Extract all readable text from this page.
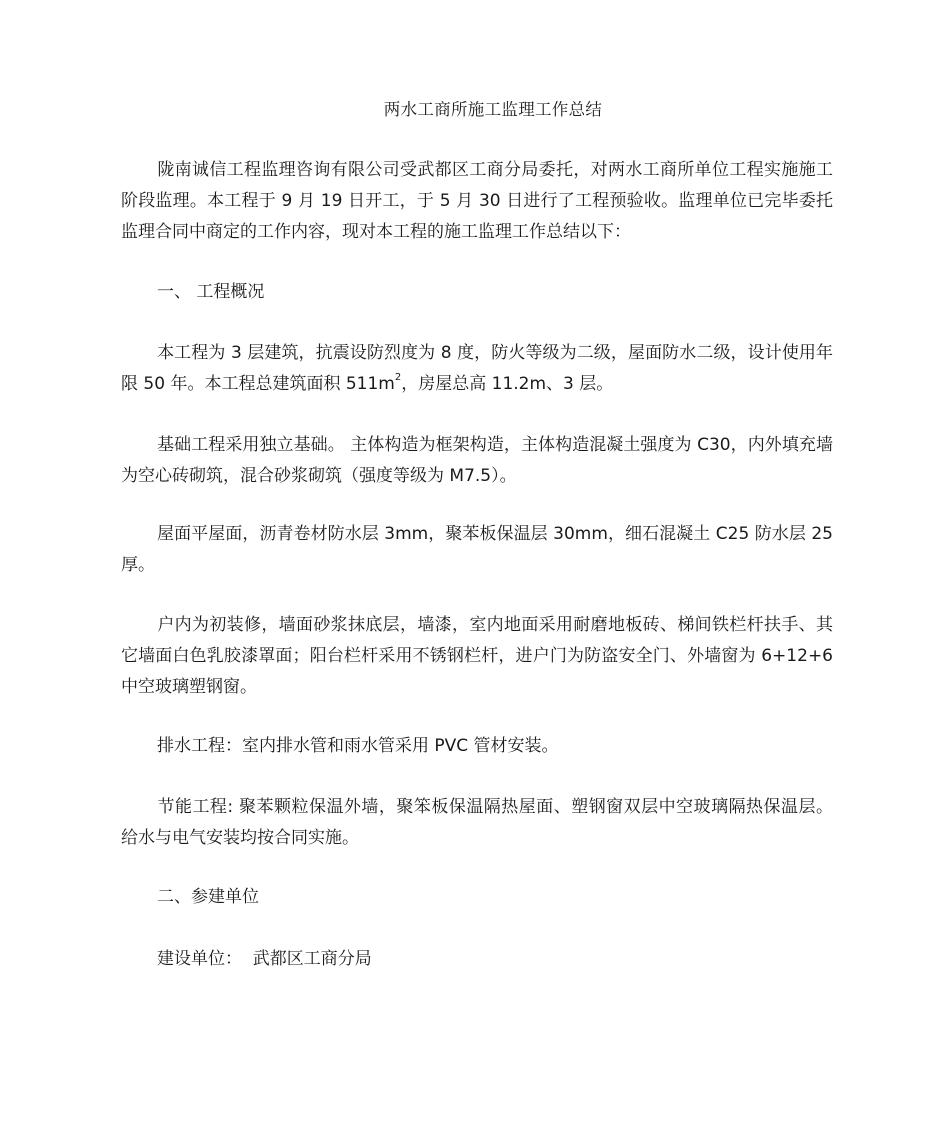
两水工商所施工监理工作总结

陇南诚信工程监理咨询有限公司受武都区工商分局委托，对两水工商所单位工程实施施工阶段监理。本工程于 9 月 19 日开工，于 5 月 30 日进行了工程预验收。监理单位已完毕委托监理合同中商定的工作内容，现对本工程的施工监理工作总结以下：

一、 工程概况

本工程为 3 层建筑，抗震设防烈度为 8 度，防火等级为二级，屋面防水二级，设计使用年限 50 年。本工程总建筑面积 $511m^2$，房屋总高 11.2m、3 层。

基础工程采用独立基础。 主体构造为框架构造，主体构造混凝土强度为 C30，内外填充墙为空心砖砌筑，混合砂浆砌筑（强度等级为 M7.5）。

屋面平屋面，沥青卷材防水层 3mm，聚苯板保温层 30mm，细石混凝土 C25 防水层 25 厚。

户内为初装修，墙面砂浆抹底层，墙漆，室内地面采用耐磨地板砖、梯间铁栏杆扶手、其它墙面白色乳胶漆罩面；阳台栏杆采用不锈钢栏杆，进户门为防盗安全门、外墙窗为 6+12+6 中空玻璃塑钢窗。

排水工程：室内排水管和雨水管采用 PVC 管材安装。

节能工程: 聚苯颗粒保温外墙，聚笨板保温隔热屋面、塑钢窗双层中空玻璃隔热保温层。 给水与电气安装均按合同实施。

二、参建单位

建设单位：  武都区工商分局
